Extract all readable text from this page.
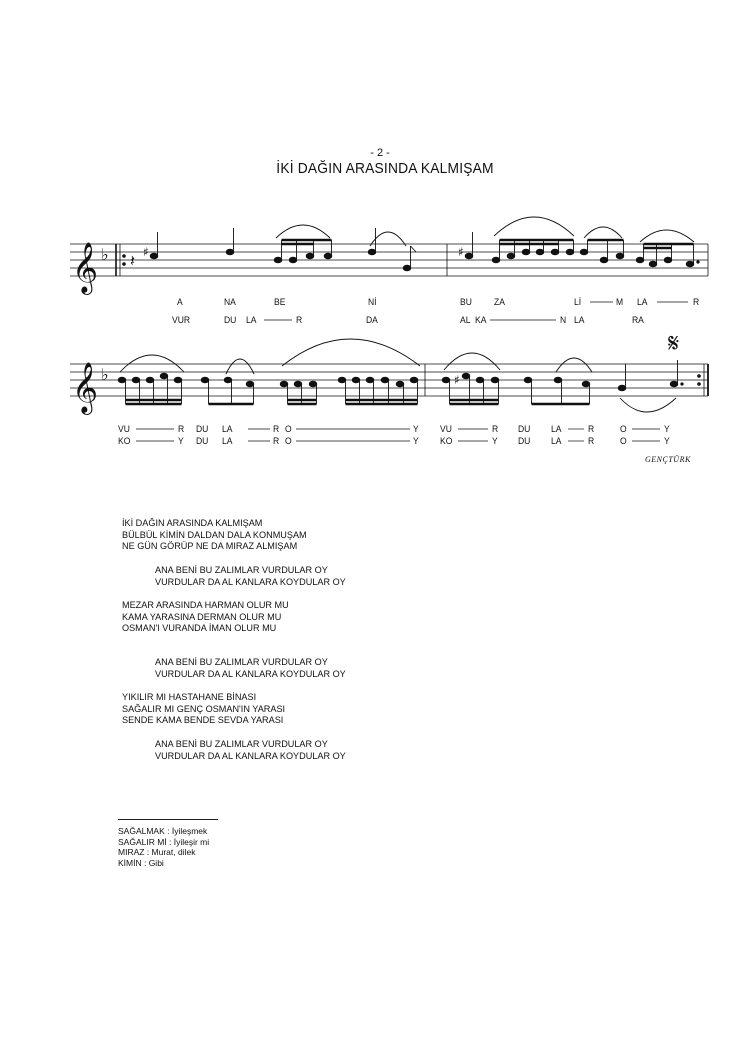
- 2 -
İKİ DAĞIN ARASINDA KALMIŞAM
𝄞
𝄞
♭
♭
𝄽 ♯	♯
♯
𝄋
A	NA	BE	Nİ	BU ZA	Lİ	M LA	R
VUR	DU LA	R	DA	AL KA	N LA	RA
VU	R DU LA	R O	Y VU	R DU LA	R	O	Y
KO	Y DU LA	R O	Y KO	Y DU LA	R	O	Y
GENÇTÜRK
İKİ DAĞIN ARASINDA KALMIŞAM
BÜLBÜL KİMİN DALDAN DALA KONMUŞAM
NE GÜN GÖRÜP NE DA MIRAZ ALMIŞAM
ANA BENİ BU ZALIMLAR VURDULAR OY
VURDULAR DA AL KANLARA KOYDULAR OY
MEZAR ARASINDA HARMAN OLUR MU
KAMA YARASINA DERMAN OLUR MU
OSMAN'I VURANDA İMAN OLUR MU
ANA BENİ BU ZALIMLAR VURDULAR OY
VURDULAR DA AL KANLARA KOYDULAR OY
YIKILIR MI HASTAHANE BİNASI
SAĞALIR MI GENÇ OSMAN'IN YARASI
SENDE KAMA BENDE SEVDA YARASI
ANA BENİ BU ZALIMLAR VURDULAR OY
VURDULAR DA AL KANLARA KOYDULAR OY
SAĞALMAK : İyileşmek
SAĞALIR Mİ : İyileşir mi
MIRAZ : Murat, dilek
KİMİN : Gibi
